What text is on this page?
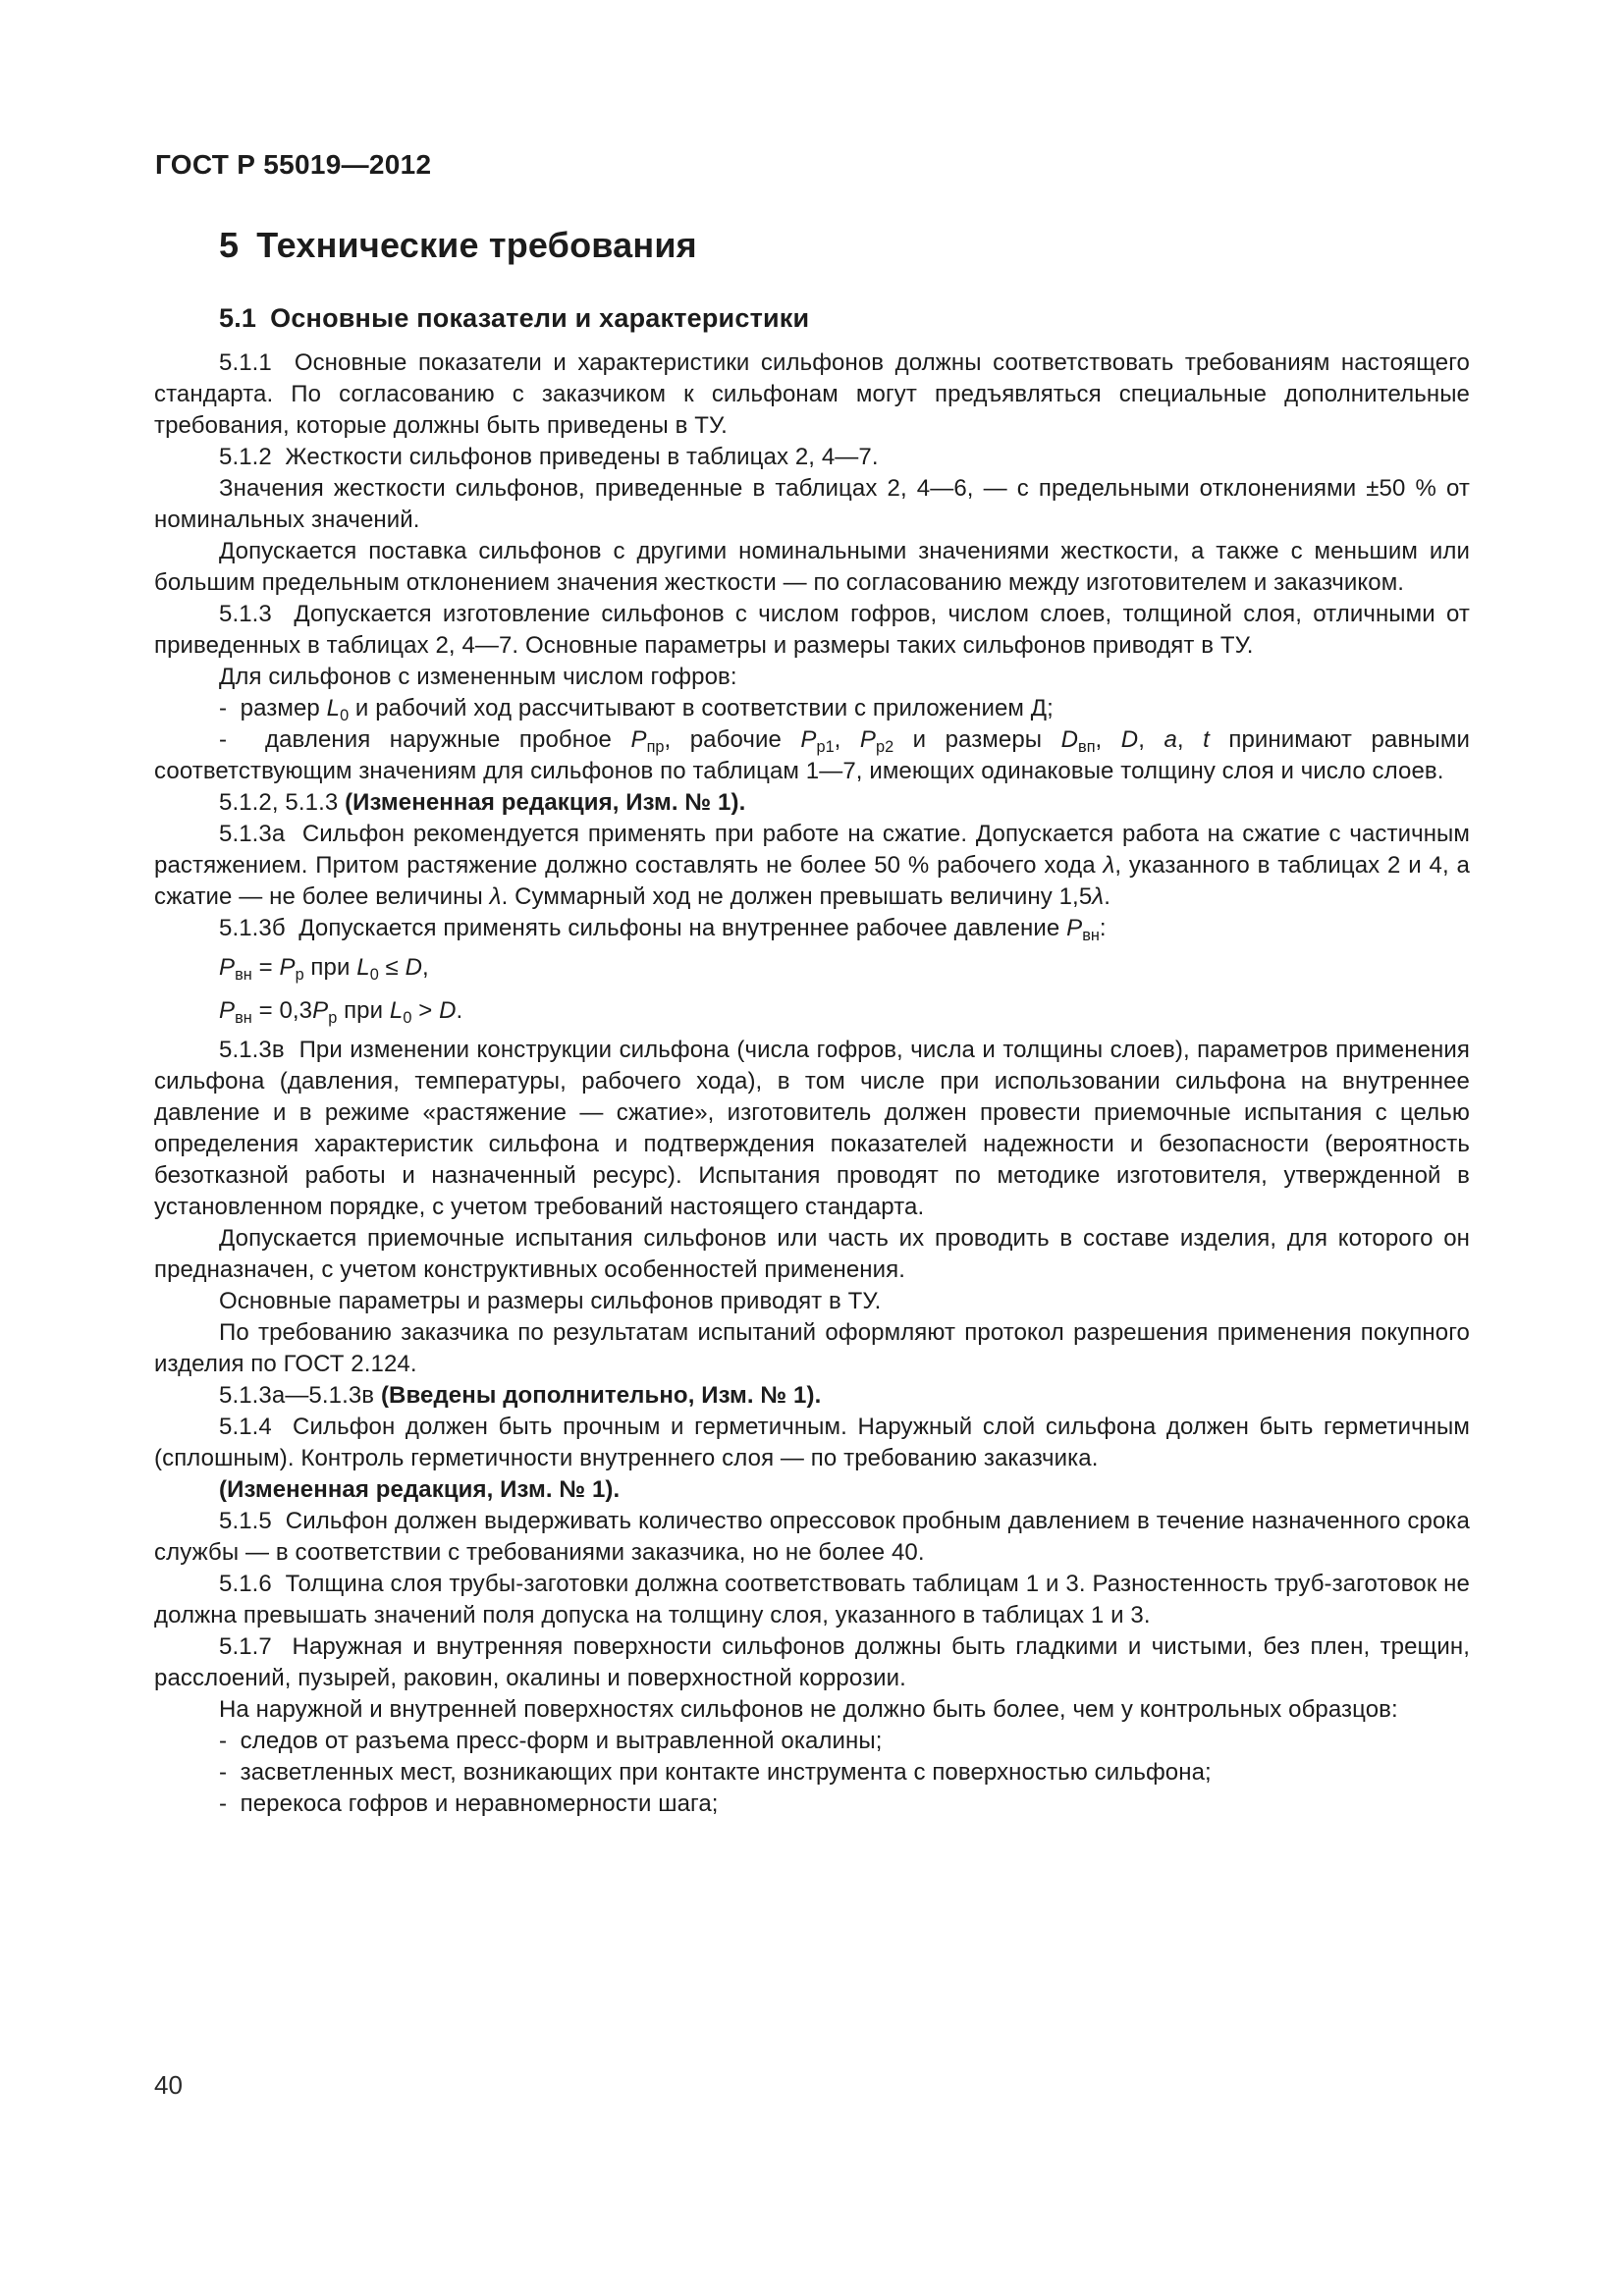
ГОСТ Р 55019—2012
5 Технические требования
5.1 Основные показатели и характеристики

5.1.1  Основные показатели и характеристики сильфонов должны соответствовать требованиям настоящего стандарта. По согласованию с заказчиком к сильфонам могут предъявляться специальные дополнительные требования, которые должны быть приведены в ТУ.

5.1.2  Жесткости сильфонов приведены в таблицах 2, 4—7.

Значения жесткости сильфонов, приведенные в таблицах 2, 4—6, — с предельными отклонениями ±50 % от номинальных значений.

Допускается поставка сильфонов с другими номинальными значениями жесткости, а также с меньшим или большим предельным отклонением значения жесткости — по согласованию между изготовителем и заказчиком.

5.1.3  Допускается изготовление сильфонов с числом гофров, числом слоев, толщиной слоя, отличными от приведенных в таблицах 2, 4—7. Основные параметры и размеры таких сильфонов приводят в ТУ.

Для сильфонов с измененным числом гофров:

-  размер $L_0$ и рабочий ход рассчитывают в соответствии с приложением Д;

-  давления наружные пробное $P_{пр}$, рабочие $P_{р1}$, $P_{р2}$ и размеры $D_{вп}$, D, a, t принимают равными соответствующим значениям для сильфонов по таблицам 1—7, имеющих одинаковые толщину слоя и число слоев.

5.1.2, 5.1.3 (Измененная редакция, Изм. № 1).

5.1.3а  Сильфон рекомендуется применять при работе на сжатие. Допускается работа на сжатие с частичным растяжением. Притом растяжение должно составлять не более 50 % рабочего хода λ, указанного в таблицах 2 и 4, а сжатие — не более величины λ. Суммарный ход не должен превышать величину 1,5λ.

5.1.3б  Допускается применять сильфоны на внутреннее рабочее давление $P_{вн}$:

$P_{вн} = P_р$ при $L_0 \le D$,

$P_{вн} = 0,3P_р$ при $L_0 > D$.

5.1.3в  При изменении конструкции сильфона (числа гофров, числа и толщины слоев), параметров применения сильфона (давления, температуры, рабочего хода), в том числе при использовании сильфона на внутреннее давление и в режиме «растяжение — сжатие», изготовитель должен провести приемочные испытания с целью определения характеристик сильфона и подтверждения показателей надежности и безопасности (вероятность безотказной работы и назначенный ресурс). Испытания проводят по методике изготовителя, утвержденной в установленном порядке, с учетом требований настоящего стандарта.

Допускается приемочные испытания сильфонов или часть их проводить в составе изделия, для которого он предназначен, с учетом конструктивных особенностей применения.

Основные параметры и размеры сильфонов приводят в ТУ.

По требованию заказчика по результатам испытаний оформляют протокол разрешения применения покупного изделия по ГОСТ 2.124.

5.1.3а—5.1.3в (Введены дополнительно, Изм. № 1).

5.1.4  Сильфон должен быть прочным и герметичным. Наружный слой сильфона должен быть герметичным (сплошным). Контроль герметичности внутреннего слоя — по требованию заказчика.

(Измененная редакция, Изм. № 1).

5.1.5  Сильфон должен выдерживать количество опрессовок пробным давлением в течение назначенного срока службы — в соответствии с требованиями заказчика, но не более 40.

5.1.6  Толщина слоя трубы-заготовки должна соответствовать таблицам 1 и 3. Разностенность труб-заготовок не должна превышать значений поля допуска на толщину слоя, указанного в таблицах 1 и 3.

5.1.7  Наружная и внутренняя поверхности сильфонов должны быть гладкими и чистыми, без плен, трещин, расслоений, пузырей, раковин, окалины и поверхностной коррозии.

На наружной и внутренней поверхностях сильфонов не должно быть более, чем у контрольных образцов:

-  следов от разъема пресс-форм и вытравленной окалины;

-  засветленных мест, возникающих при контакте инструмента с поверхностью сильфона;

-  перекоса гофров и неравномерности шага;

40
